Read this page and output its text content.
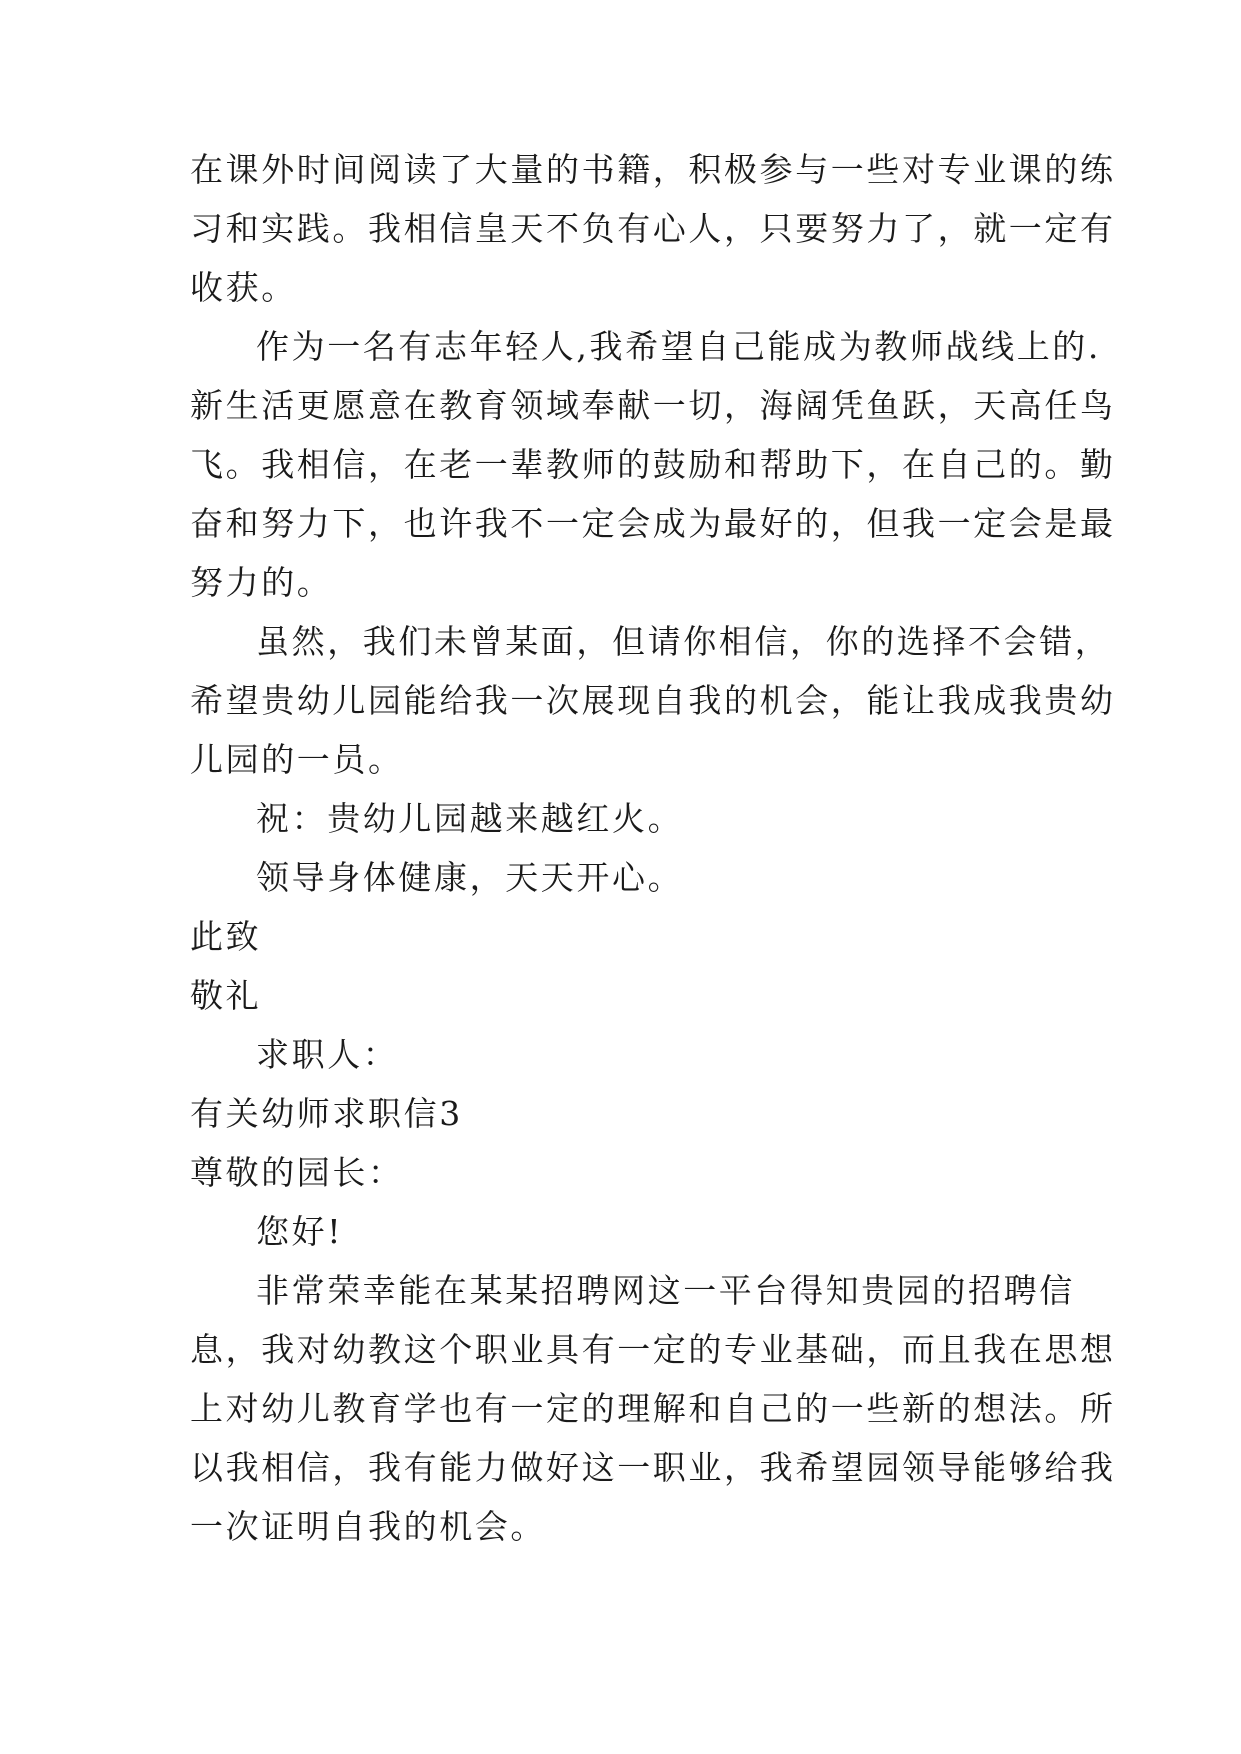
在课外时间阅读了大量的书籍，积极参与一些对专业课的练
习和实践。我相信皇天不负有心人，只要努力了，就一定有
收获。
作为一名有志年轻人,我希望自己能成为教师战线上的.
新生活更愿意在教育领域奉献一切，海阔凭鱼跃，天高任鸟
飞。我相信，在老一辈教师的鼓励和帮助下，在自己的。勤
奋和努力下，也许我不一定会成为最好的，但我一定会是最
努力的。
虽然，我们未曾某面，但请你相信，你的选择不会错，
希望贵幼儿园能给我一次展现自我的机会，能让我成我贵幼
儿园的一员。
祝：贵幼儿园越来越红火。
领导身体健康，天天开心。
此致
敬礼
求职人：
有关幼师求职信3
尊敬的园长：
您好!
非常荣幸能在某某招聘网这一平台得知贵园的招聘信
息，我对幼教这个职业具有一定的专业基础，而且我在思想
上对幼儿教育学也有一定的理解和自己的一些新的想法。所
以我相信，我有能力做好这一职业，我希望园领导能够给我
一次证明自我的机会。
